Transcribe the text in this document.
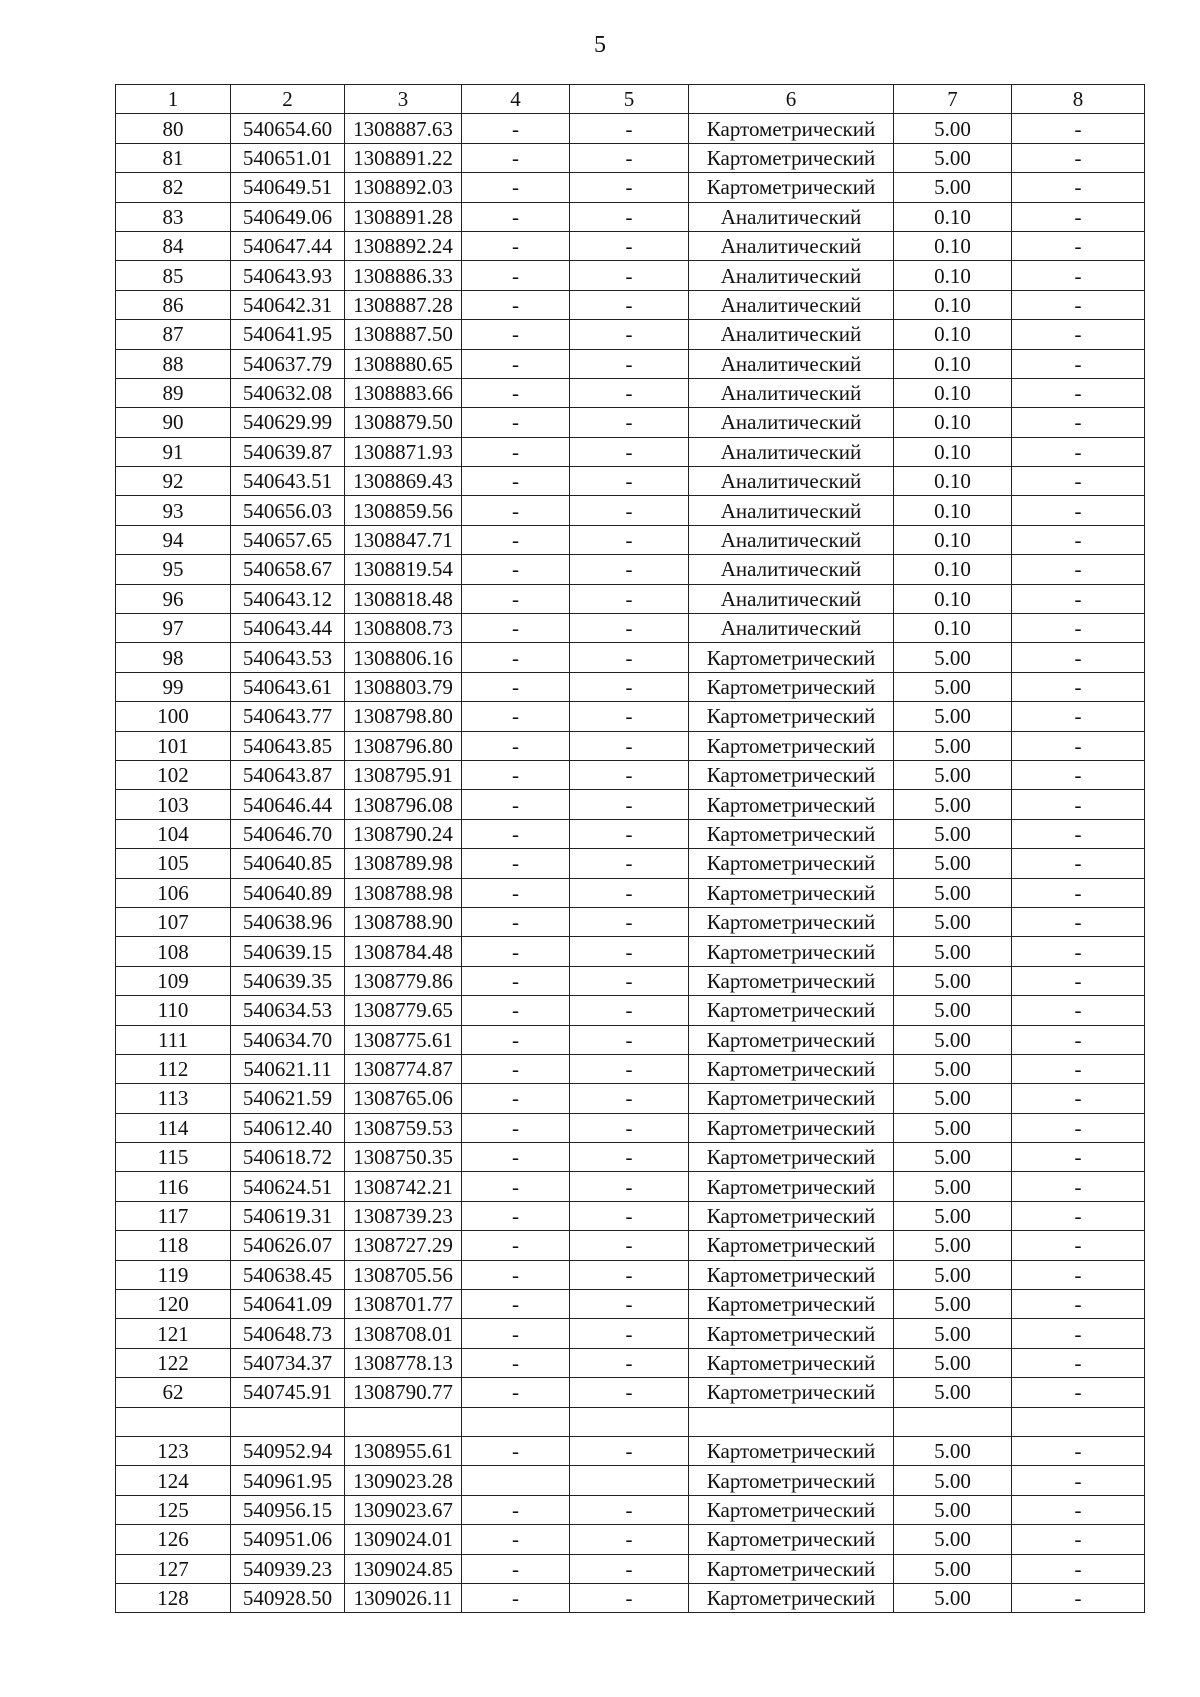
5
1	2	3	4	5	6	7	8
80	540654.60	1308887.63	-	-	Картометрический	5.00	-
81	540651.01	1308891.22	-	-	Картометрический	5.00	-
82	540649.51	1308892.03	-	-	Картометрический	5.00	-
83	540649.06	1308891.28	-	-	Аналитический	0.10	-
84	540647.44	1308892.24	-	-	Аналитический	0.10	-
85	540643.93	1308886.33	-	-	Аналитический	0.10	-
86	540642.31	1308887.28	-	-	Аналитический	0.10	-
87	540641.95	1308887.50	-	-	Аналитический	0.10	-
88	540637.79	1308880.65	-	-	Аналитический	0.10	-
89	540632.08	1308883.66	-	-	Аналитический	0.10	-
90	540629.99	1308879.50	-	-	Аналитический	0.10	-
91	540639.87	1308871.93	-	-	Аналитический	0.10	-
92	540643.51	1308869.43	-	-	Аналитический	0.10	-
93	540656.03	1308859.56	-	-	Аналитический	0.10	-
94	540657.65	1308847.71	-	-	Аналитический	0.10	-
95	540658.67	1308819.54	-	-	Аналитический	0.10	-
96	540643.12	1308818.48	-	-	Аналитический	0.10	-
97	540643.44	1308808.73	-	-	Аналитический	0.10	-
98	540643.53	1308806.16	-	-	Картометрический	5.00	-
99	540643.61	1308803.79	-	-	Картометрический	5.00	-
100	540643.77	1308798.80	-	-	Картометрический	5.00	-
101	540643.85	1308796.80	-	-	Картометрический	5.00	-
102	540643.87	1308795.91	-	-	Картометрический	5.00	-
103	540646.44	1308796.08	-	-	Картометрический	5.00	-
104	540646.70	1308790.24	-	-	Картометрический	5.00	-
105	540640.85	1308789.98	-	-	Картометрический	5.00	-
106	540640.89	1308788.98	-	-	Картометрический	5.00	-
107	540638.96	1308788.90	-	-	Картометрический	5.00	-
108	540639.15	1308784.48	-	-	Картометрический	5.00	-
109	540639.35	1308779.86	-	-	Картометрический	5.00	-
110	540634.53	1308779.65	-	-	Картометрический	5.00	-
111	540634.70	1308775.61	-	-	Картометрический	5.00	-
112	540621.11	1308774.87	-	-	Картометрический	5.00	-
113	540621.59	1308765.06	-	-	Картометрический	5.00	-
114	540612.40	1308759.53	-	-	Картометрический	5.00	-
115	540618.72	1308750.35	-	-	Картометрический	5.00	-
116	540624.51	1308742.21	-	-	Картометрический	5.00	-
117	540619.31	1308739.23	-	-	Картометрический	5.00	-
118	540626.07	1308727.29	-	-	Картометрический	5.00	-
119	540638.45	1308705.56	-	-	Картометрический	5.00	-
120	540641.09	1308701.77	-	-	Картометрический	5.00	-
121	540648.73	1308708.01	-	-	Картометрический	5.00	-
122	540734.37	1308778.13	-	-	Картометрический	5.00	-
62	540745.91	1308790.77	-	-	Картометрический	5.00	-

123	540952.94	1308955.61	-	-	Картометрический	5.00	-
124	540961.95	1309023.28			Картометрический	5.00	-
125	540956.15	1309023.67	-	-	Картометрический	5.00	-
126	540951.06	1309024.01	-	-	Картометрический	5.00	-
127	540939.23	1309024.85	-	-	Картометрический	5.00	-
128	540928.50	1309026.11	-	-	Картометрический	5.00	-
